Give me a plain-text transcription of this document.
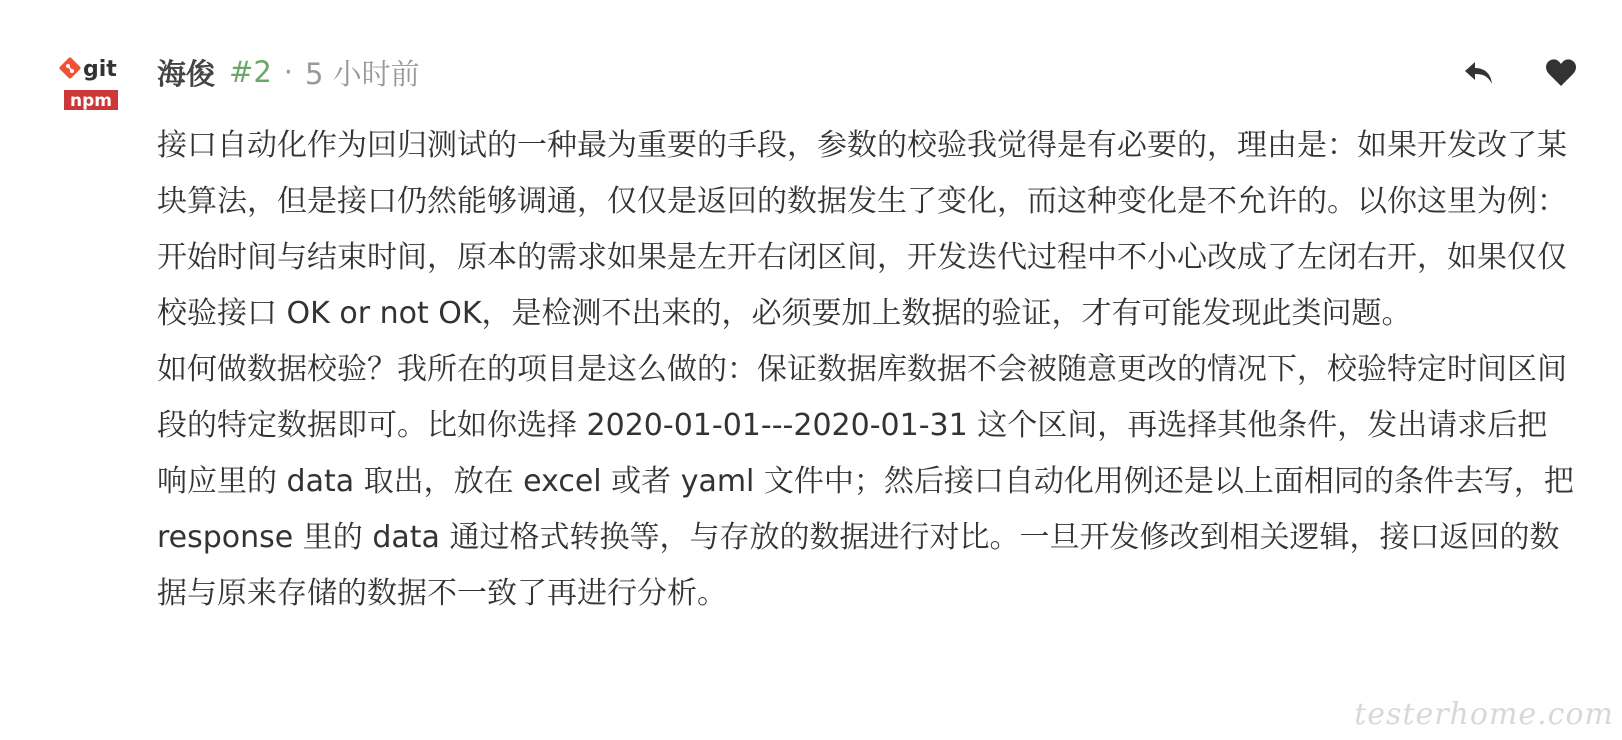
git
npm
海俊 #2 · 5 小时前

接口自动化作为回归测试的一种最为重要的手段，参数的校验我觉得是有必要的，理由是：如果开发改了某块算法，但是接口仍然能够调通，仅仅是返回的数据发生了变化，而这种变化是不允许的。以你这里为例：开始时间与结束时间，原本的需求如果是左开右闭区间，开发迭代过程中不小心改成了左闭右开，如果仅仅校验接口 OK or not OK，是检测不出来的，必须要加上数据的验证，才有可能发现此类问题。

如何做数据校验？我所在的项目是这么做的：保证数据库数据不会被随意更改的情况下，校验特定时间区间段的特定数据即可。比如你选择 2020-01-01---2020-01-31 这个区间，再选择其他条件，发出请求后把响应里的 data 取出，放在 excel 或者 yaml 文件中；然后接口自动化用例还是以上面相同的条件去写，把 response 里的 data 通过格式转换等，与存放的数据进行对比。一旦开发修改到相关逻辑，接口返回的数据与原来存储的数据不一致了再进行分析。

testerhome.com
